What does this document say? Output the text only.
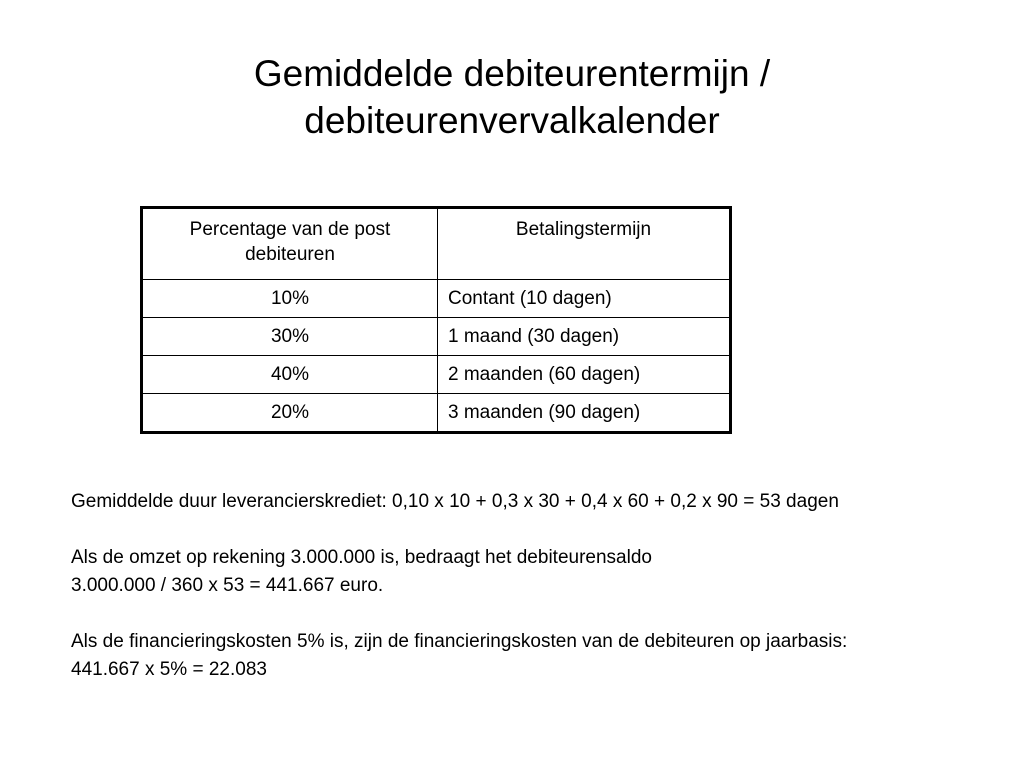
Gemiddelde debiteurentermijn /
debiteurenvervalkalender
Percentage van de post debiteuren	Betalingstermijn
10%	Contant (10 dagen)
30%	1 maand (30 dagen)
40%	2 maanden (60 dagen)
20%	3 maanden (90 dagen)

Gemiddelde duur leverancierskrediet: 0,10 x 10 + 0,3 x 30 + 0,4 x 60 + 0,2 x 90 = 53 dagen

Als de omzet op rekening 3.000.000 is, bedraagt het debiteurensaldo

3.000.000 / 360 x 53 = 441.667 euro.

Als de financieringskosten 5% is, zijn de financieringskosten van de debiteuren op jaarbasis:

441.667 x 5% = 22.083
